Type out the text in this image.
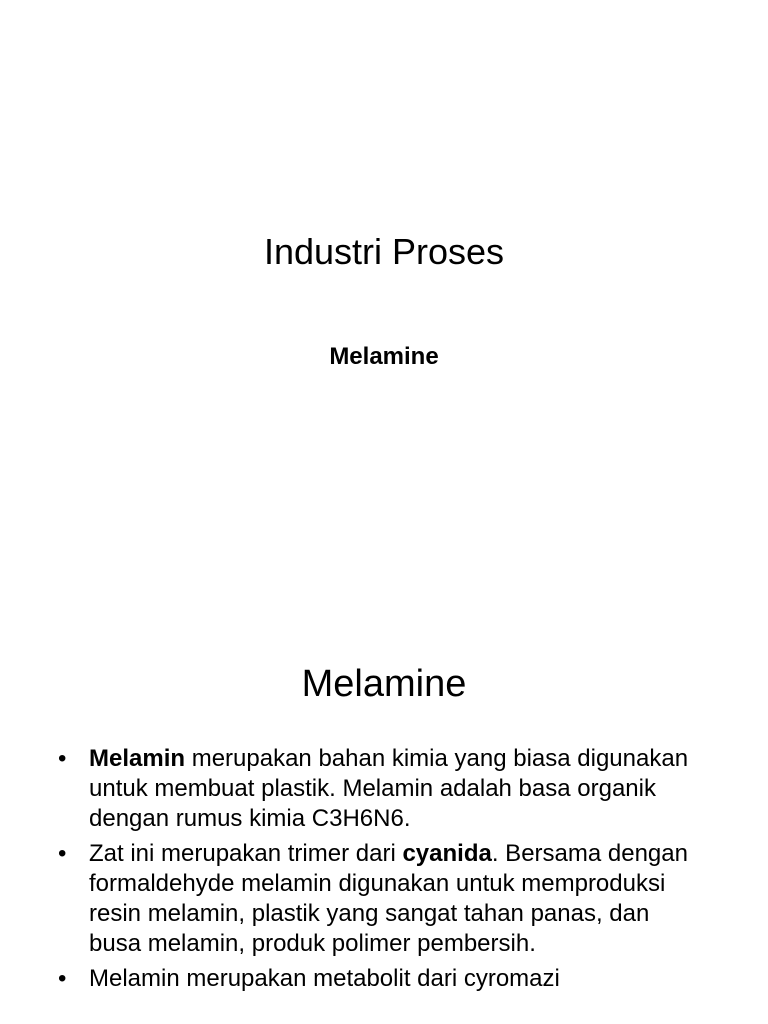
Industri Proses
Melamine
Melamine
• Melamin merupakan bahan kimia yang biasa digunakan untuk membuat plastik. Melamin adalah basa organik dengan rumus kimia C3H6N6.
• Zat ini merupakan trimer dari cyanida. Bersama dengan formaldehyde melamin digunakan untuk memproduksi resin melamin, plastik yang sangat tahan panas, dan busa melamin, produk polimer pembersih.
• Melamin merupakan metabolit dari cyromazi
